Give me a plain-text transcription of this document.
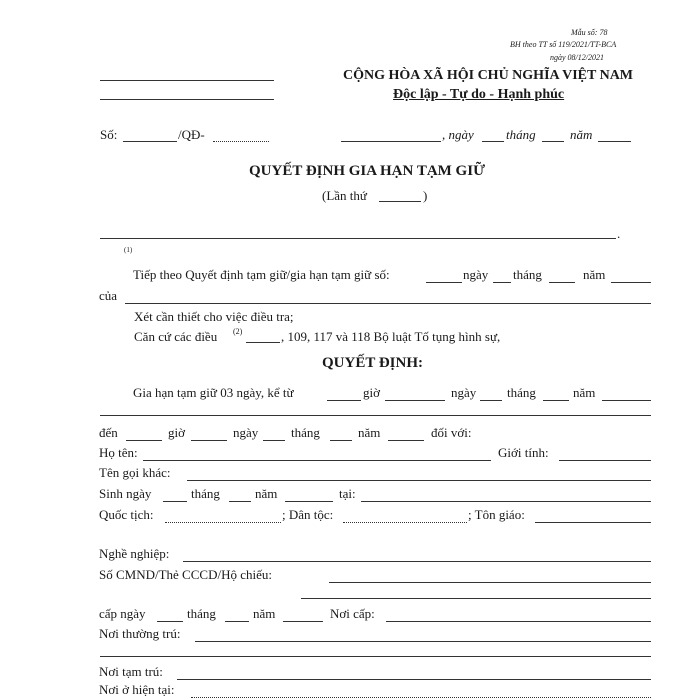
Mẫu số: 78
BH theo TT số 119/2021/TT-BCA
ngày 08/12/2021
CỘNG HÒA XÃ HỘI CHỦ NGHĨA VIỆT NAM
Độc lập - Tự do - Hạnh phúc
Số:	/QĐ-	, ngày tháng	năm
QUYẾT ĐỊNH GIA HẠN TẠM GIỮ
(Lần thứ	)
.
(1)
Tiếp theo Quyết định tạm giữ/gia hạn tạm giữ số:	ngày tháng	năm
của
Xét cần thiết cho việc điều tra;
Căn cứ các điều (2)	, 109, 117 và 118 Bộ luật Tố tụng hình sự,
QUYẾT ĐỊNH:
Gia hạn tạm giữ 03 ngày, kể từ	giờ	ngày tháng	năm
đến	giờ	ngày	tháng	năm	đối với:
Họ tên:	Giới tính:
Tên gọi khác:
Sinh ngày	tháng	năm	tại:
Quốc tịch:	; Dân tộc:	; Tôn giáo:
Nghề nghiệp:
Số CMND/Thẻ CCCD/Hộ chiếu:
cấp ngày	tháng	năm	Nơi cấp:
Nơi thường trú:
Nơi tạm trú:
Nơi ở hiện tại:
